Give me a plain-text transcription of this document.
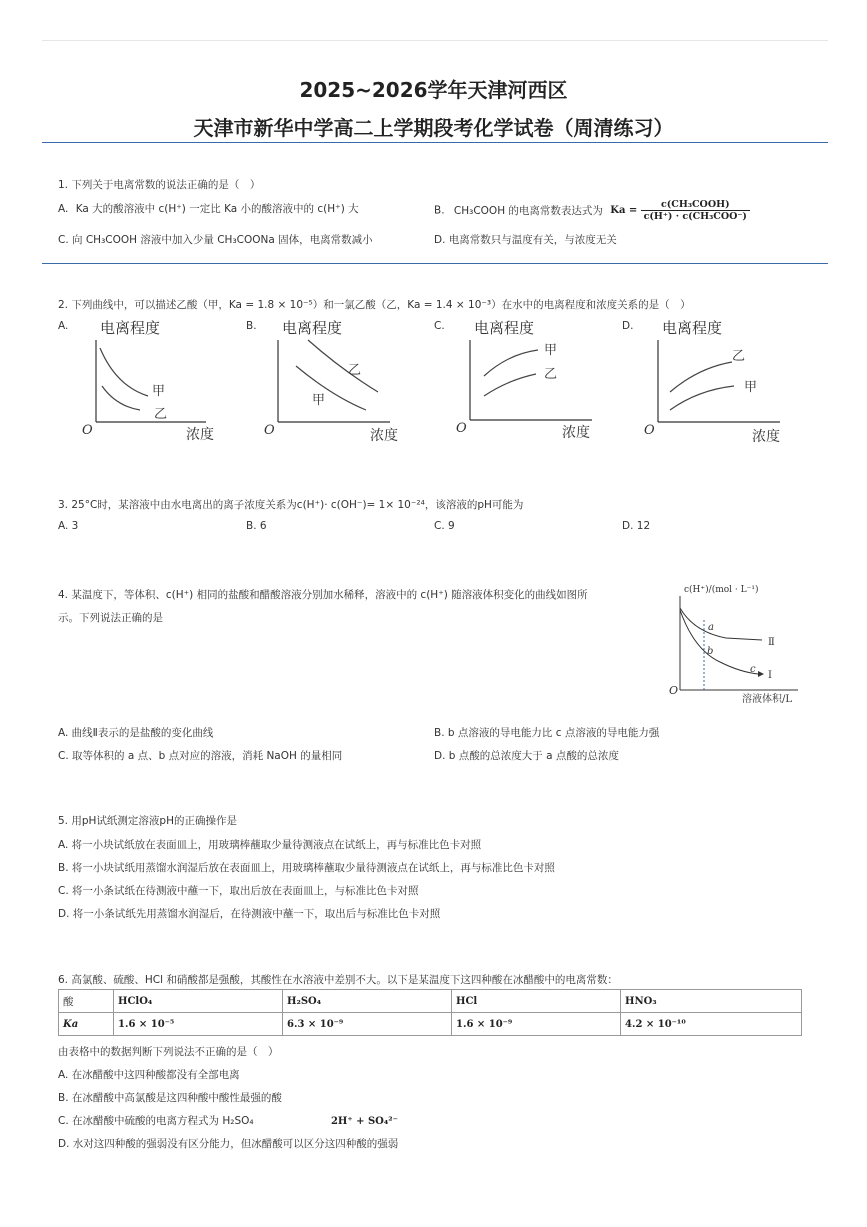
2025~2026学年天津河西区
天津市新华中学高二上学期段考化学试卷（周清练习）
1. 下列关于电离常数的说法正确的是（　）
A. Ka 大的酸溶液中 c(H⁺) 一定比 Ka 小的酸溶液中的 c(H⁺) 大	B. CH₃COOH 的电离常数表达式为 $Ka = \frac{\text{c(CH₃COOH)}}{\text{c(H⁺) · c(CH₃COO⁻)}}$
C. 向 CH₃COOH 溶液中加入少量 CH₃COONa 固体，电离常数减小	D. 电离常数只与温度有关，与浓度无关
2. 下列曲线中，可以描述乙酸（甲，Ka = 1.8 × 10⁻⁵）和一氯乙酸（乙，Ka = 1.4 × 10⁻³）在水中的电离程度和浓度关系的是（　）
A. 电离程度
O	浓度
甲
乙
B. 电离程度
O	浓度
乙
甲
C. 电离程度
O	浓度
甲
乙
D. 电离程度
O	浓度
乙
甲
3. 25°C时，某溶液中由水电离出的离子浓度关系为c(H⁺)· c(OH⁻)= 1× 10⁻²⁴，该溶液的pH可能为
A. 3	B. 6	C. 9	D. 12
4. 某温度下，等体积、c(H⁺) 相同的盐酸和醋酸溶液分别加水稀释，溶液中的 c(H⁺) 随溶液体积变化的曲线如图所
示。下列说法正确的是
c(H⁺)/(mol · L⁻¹)
O
溶液体积/L
a
b
c
Ⅱ
Ⅰ
A. 曲线Ⅱ表示的是盐酸的变化曲线	B. b 点溶液的导电能力比 c 点溶液的导电能力强
C. 取等体积的 a 点、b 点对应的溶液，消耗 NaOH 的量相同	D. b 点酸的总浓度大于 a 点酸的总浓度
5. 用pH试纸测定溶液pH的正确操作是
A. 将一小块试纸放在表面皿上，用玻璃棒蘸取少量待测液点在试纸上，再与标准比色卡对照
B. 将一小块试纸用蒸馏水润湿后放在表面皿上，用玻璃棒蘸取少量待测液点在试纸上，再与标准比色卡对照
C. 将一小条试纸在待测液中蘸一下，取出后放在表面皿上，与标准比色卡对照
D. 将一小条试纸先用蒸馏水润湿后，在待测液中蘸一下，取出后与标准比色卡对照
6. 高氯酸、硫酸、HCl 和硝酸都是强酸，其酸性在水溶液中差别不大。以下是某温度下这四种酸在冰醋酸中的电离常数：
酸	HClO₄	H₂SO₄	HCl	HNO₃
Ka	1.6 × 10⁻⁵	6.3 × 10⁻⁹	1.6 × 10⁻⁹	4.2 × 10⁻¹⁰
由表格中的数据判断下列说法不正确的是（　）
A. 在冰醋酸中这四种酸都没有全部电离
B. 在冰醋酸中高氯酸是这四种酸中酸性最强的酸
C. 在冰醋酸中硫酸的电离方程式为 H₂SO₄	2H⁺ + SO₄²⁻
D. 水对这四种酸的强弱没有区分能力，但冰醋酸可以区分这四种酸的强弱
